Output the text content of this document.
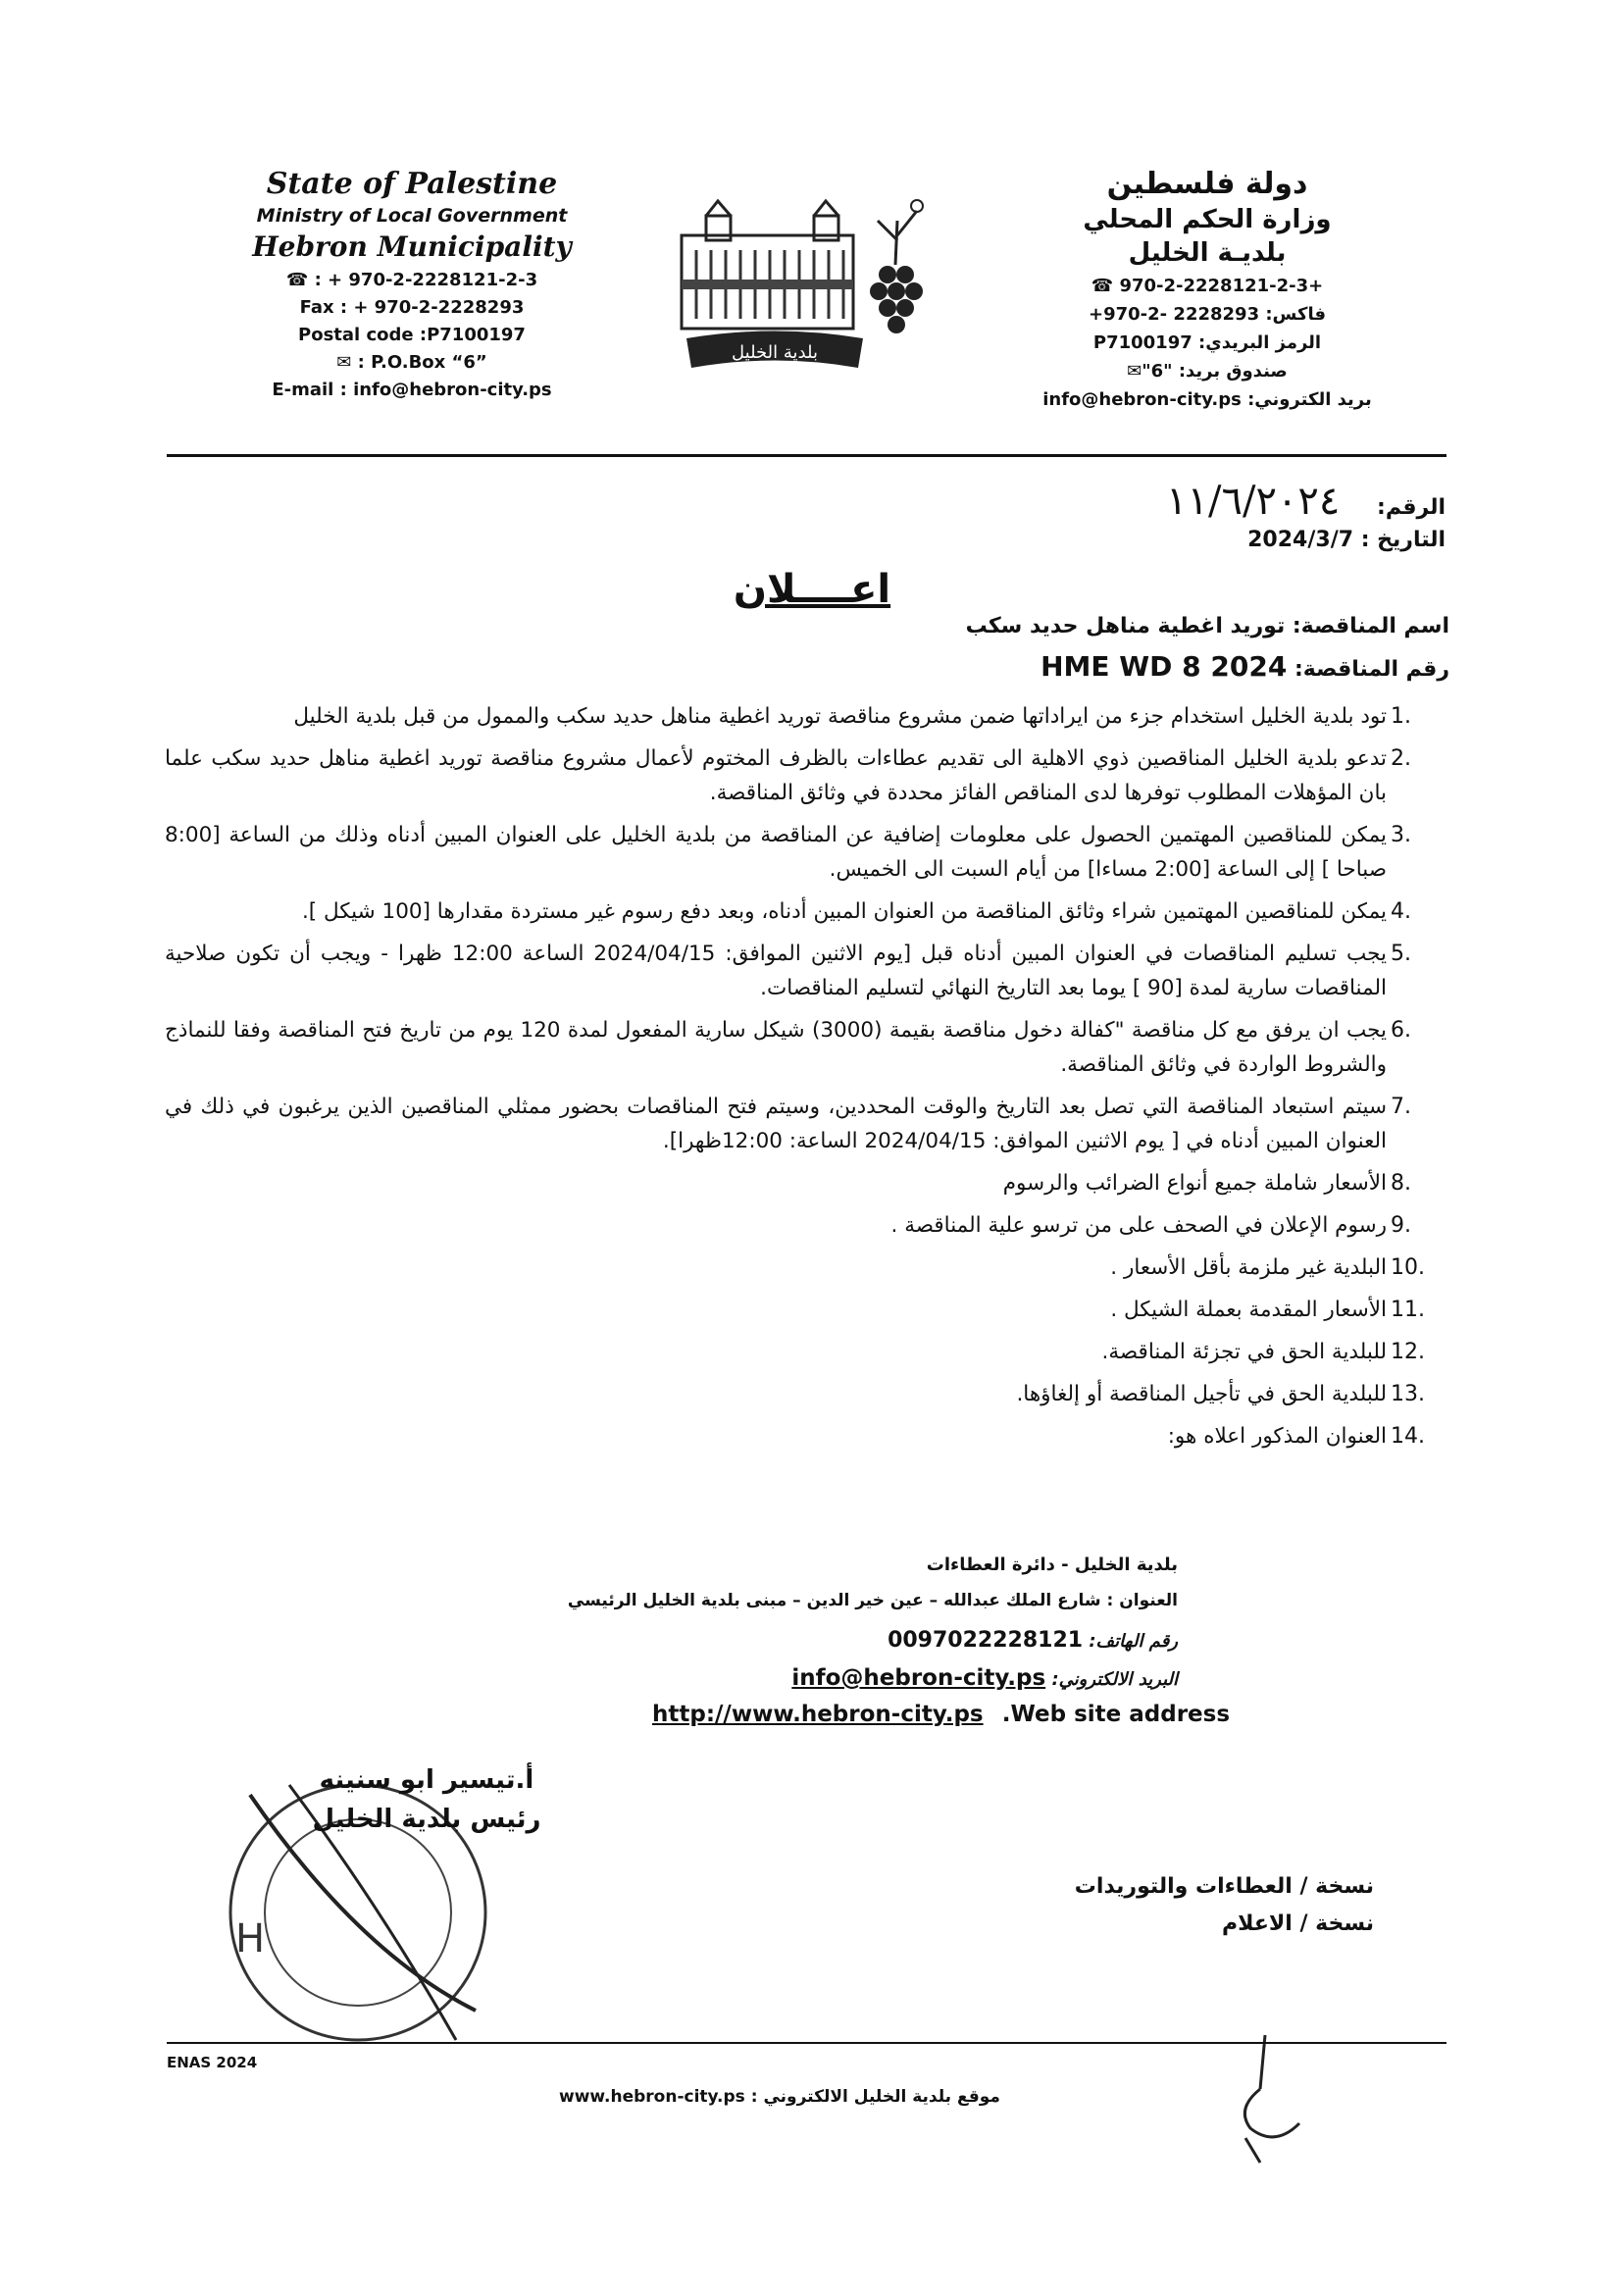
State of Palestine
Ministry of Local Government
Hebron Municipality
☎ : + 970-2-2228121-2-3
Fax : + 970-2-2228293
Postal code :P7100197
✉ : P.O.Box “6”
E-mail : info@hebron-city.ps
بلدية الخليل
دولة فلسطين
وزارة الحكم المحلي
بلديـة الخليل
+970-2-2228121-2-3 ☎
فاكس: 2228293 -2-970+
الرمز البريدي: P7100197
صندوق بريد: "6"✉
بريد الكتروني: info@hebron-city.ps
الرقم: ١١/٦/٢٠٢٤
التاريخ : 2024/3/7
اعــــلان
اسم المناقصة: توريد اغطية مناهل حديد سكب
رقم المناقصة: HME WD 8 2024
1.
تود بلدية الخليل استخدام جزء من ايراداتها ضمن مشروع مناقصة توريد اغطية مناهل حديد سكب والممول من قبل بلدية الخليل
2.
تدعو بلدية الخليل المناقصين ذوي الاهلية الى تقديم عطاءات بالظرف المختوم لأعمال مشروع مناقصة توريد اغطية مناهل حديد سكب علما بان المؤهلات المطلوب توفرها لدى المناقص الفائز محددة في وثائق المناقصة.
3.
يمكن للمناقصين المهتمين الحصول على معلومات إضافية عن المناقصة من بلدية الخليل على العنوان المبين أدناه وذلك من الساعة [8:00 صباحا ] إلى الساعة [2:00 مساءا] من أيام السبت الى الخميس.
4.
يمكن للمناقصين المهتمين شراء وثائق المناقصة من العنوان المبين أدناه، وبعد دفع رسوم غير مستردة مقدارها [100 شيكل ].
5.
يجب تسليم المناقصات في العنوان المبين أدناه قبل [يوم الاثنين الموافق: 2024/04/15 الساعة 12:00 ظهرا - ويجب أن تكون صلاحية المناقصات سارية لمدة [90 ] يوما بعد التاريخ النهائي لتسليم المناقصات.
6.
يجب ان يرفق مع كل مناقصة "كفالة دخول مناقصة بقيمة (3000) شيكل سارية المفعول لمدة 120 يوم من تاريخ فتح المناقصة وفقا للنماذج والشروط الواردة في وثائق المناقصة.
7.
سيتم استبعاد المناقصة التي تصل بعد التاريخ والوقت المحددين، وسيتم فتح المناقصات بحضور ممثلي المناقصين الذين يرغبون في ذلك في العنوان المبين أدناه في [ يوم الاثنين الموافق: 2024/04/15 الساعة: 12:00ظهرا].
8.
الأسعار شاملة جميع أنواع الضرائب والرسوم
9.
رسوم الإعلان في الصحف على من ترسو علية المناقصة .
10.
البلدية غير ملزمة بأقل الأسعار .
11.
الأسعار المقدمة بعملة الشيكل .
12.
للبلدية الحق في تجزئة المناقصة.
13.
للبلدية الحق في تأجيل المناقصة أو إلغاؤها.
14.
العنوان المذكور اعلاه هو:
بلدية الخليل - دائرة العطاءات
العنوان : شارع الملك عبدالله – عين خير الدين – مبنى بلدية الخليل الرئيسي
رقم الهاتف: 0097022228121
البريد الالكتروني: info@hebron-city.ps
http://www.hebron-city.ps .Web site address
H
أ.تيسير ابو سنينه
رئيس بلدية الخليل
نسخة / العطاءات والتوريدات
نسخة / الاعلام
ENAS 2024
www.hebron-city.ps : موقع بلدية الخليل الالكتروني
